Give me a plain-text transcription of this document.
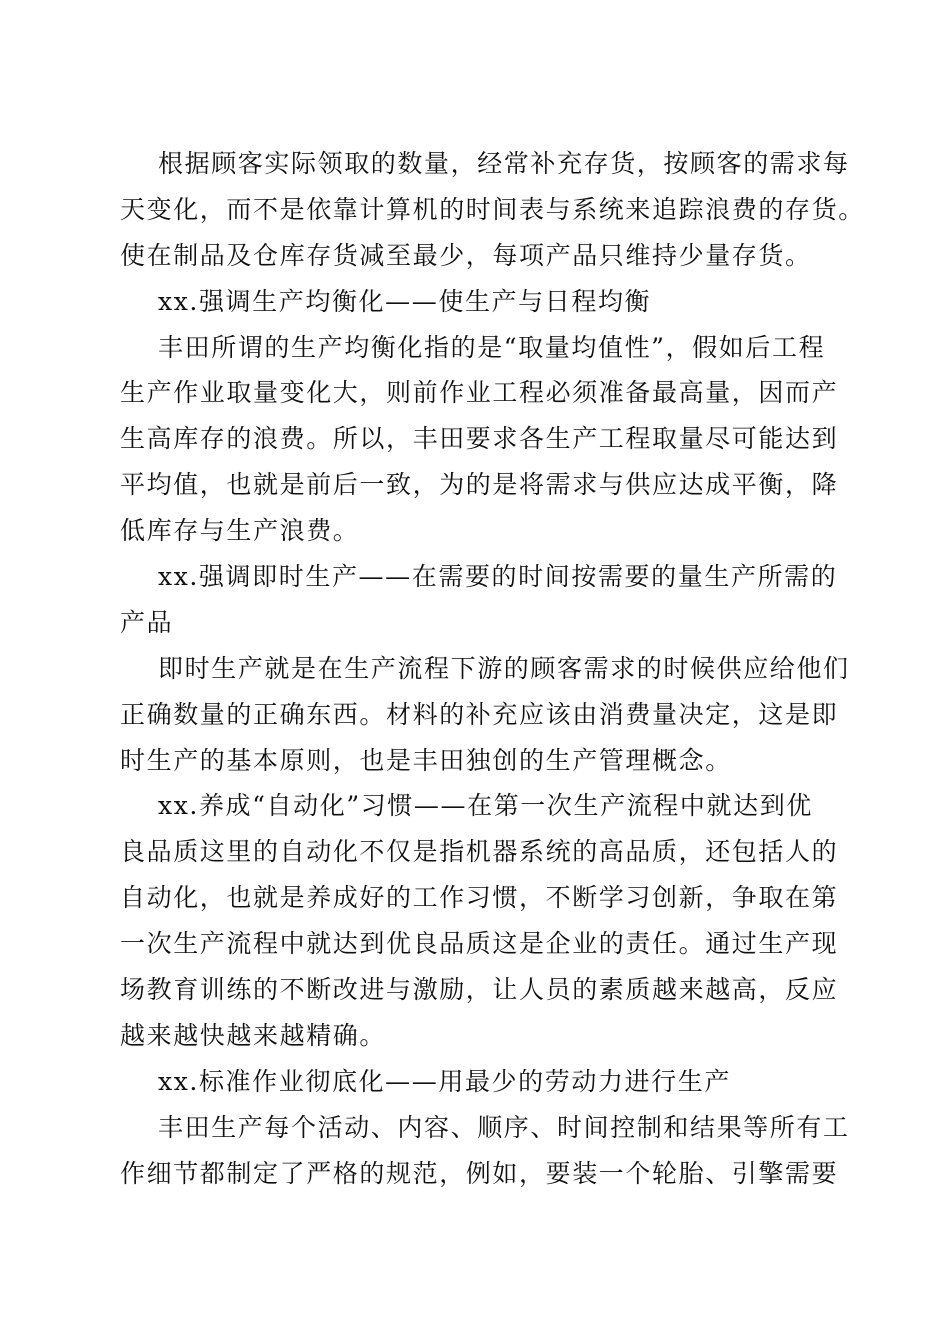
根据顾客实际领取的数量，经常补充存货，按顾客的需求每
天变化，而不是依靠计算机的时间表与系统来追踪浪费的存货。
使在制品及仓库存货减至最少，每项产品只维持少量存货。
xx.强调生产均衡化——使生产与日程均衡
丰田所谓的生产均衡化指的是“取量均值性”，假如后工程
生产作业取量变化大，则前作业工程必须准备最高量，因而产
生高库存的浪费。所以，丰田要求各生产工程取量尽可能达到
平均值，也就是前后一致，为的是将需求与供应达成平衡，降
低库存与生产浪费。
xx.强调即时生产——在需要的时间按需要的量生产所需的
产品
即时生产就是在生产流程下游的顾客需求的时候供应给他们
正确数量的正确东西。材料的补充应该由消费量决定，这是即
时生产的基本原则，也是丰田独创的生产管理概念。
xx.养成“自动化”习惯——在第一次生产流程中就达到优
良品质这里的自动化不仅是指机器系统的高品质，还包括人的
自动化，也就是养成好的工作习惯，不断学习创新，争取在第
一次生产流程中就达到优良品质这是企业的责任。通过生产现
场教育训练的不断改进与激励，让人员的素质越来越高，反应
越来越快越来越精确。
xx.标准作业彻底化——用最少的劳动力进行生产
丰田生产每个活动、内容、顺序、时间控制和结果等所有工
作细节都制定了严格的规范，例如，要装一个轮胎、引擎需要
